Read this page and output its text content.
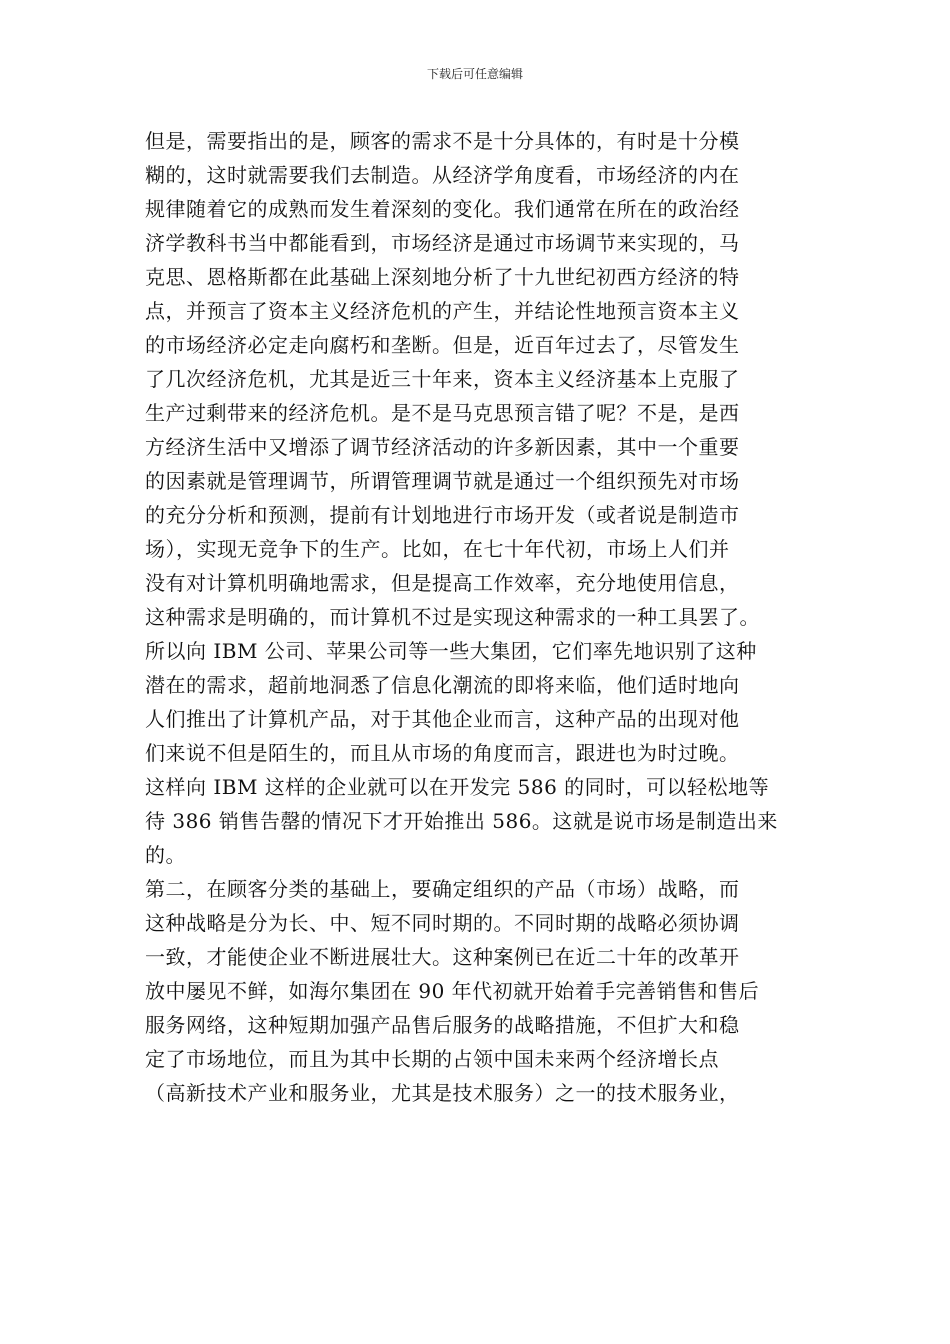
下载后可任意编辑
但是，需要指出的是，顾客的需求不是十分具体的，有时是十分模
糊的，这时就需要我们去制造。从经济学角度看，市场经济的内在
规律随着它的成熟而发生着深刻的变化。我们通常在所在的政治经
济学教科书当中都能看到，市场经济是通过市场调节来实现的，马
克思、恩格斯都在此基础上深刻地分析了十九世纪初西方经济的特
点，并预言了资本主义经济危机的产生，并结论性地预言资本主义
的市场经济必定走向腐朽和垄断。但是，近百年过去了，尽管发生
了几次经济危机，尤其是近三十年来，资本主义经济基本上克服了
生产过剩带来的经济危机。是不是马克思预言错了呢？不是，是西
方经济生活中又增添了调节经济活动的许多新因素，其中一个重要
的因素就是管理调节，所谓管理调节就是通过一个组织预先对市场
的充分分析和预测，提前有计划地进行市场开发（或者说是制造市
场），实现无竞争下的生产。比如，在七十年代初，市场上人们并
没有对计算机明确地需求，但是提高工作效率，充分地使用信息，
这种需求是明确的，而计算机不过是实现这种需求的一种工具罢了。
所以向 IBM 公司、苹果公司等一些大集团，它们率先地识别了这种
潜在的需求，超前地洞悉了信息化潮流的即将来临，他们适时地向
人们推出了计算机产品，对于其他企业而言，这种产品的出现对他
们来说不但是陌生的，而且从市场的角度而言，跟进也为时过晚。
这样向 IBM 这样的企业就可以在开发完 586 的同时，可以轻松地等
待 386 销售告罄的情况下才开始推出 586。这就是说市场是制造出来
的。
第二，在顾客分类的基础上，要确定组织的产品（市场）战略，而
这种战略是分为长、中、短不同时期的。不同时期的战略必须协调
一致，才能使企业不断进展壮大。这种案例已在近二十年的改革开
放中屡见不鲜，如海尔集团在 90 年代初就开始着手完善销售和售后
服务网络，这种短期加强产品售后服务的战略措施，不但扩大和稳
定了市场地位，而且为其中长期的占领中国未来两个经济增长点
（高新技术产业和服务业，尤其是技术服务）之一的技术服务业，
